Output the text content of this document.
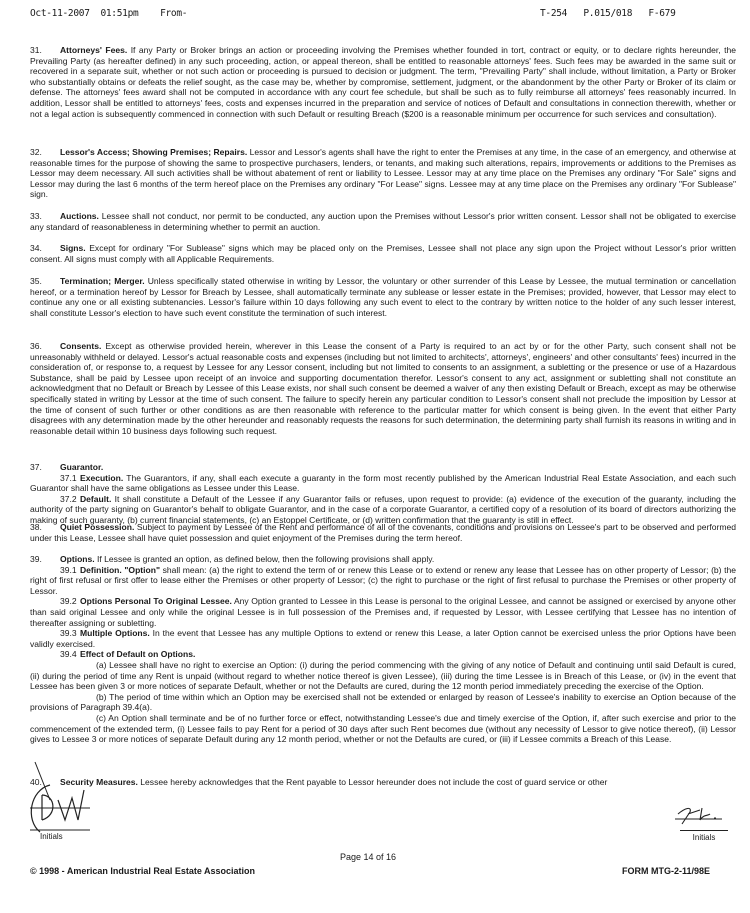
Oct-11-2007 01:51pm From-	T-254 P.015/018 F-679

31. Attorneys' Fees. If any Party or Broker brings an action or proceeding involving the Premises whether founded in tort, contract or equity, or to declare rights hereunder, the Prevailing Party (as hereafter defined) in any such proceeding, action, or appeal thereon, shall be entitled to reasonable attorneys' fees. Such fees may be awarded in the same suit or recovered in a separate suit, whether or not such action or proceeding is pursued to decision or judgment. The term, "Prevailing Party" shall include, without limitation, a Party or Broker who substantially obtains or defeats the relief sought, as the case may be, whether by compromise, settlement, judgment, or the abandonment by the other Party or Broker of its claim or defense. The attorneys' fees award shall not be computed in accordance with any court fee schedule, but shall be such as to fully reimburse all attorneys' fees reasonably incurred. In addition, Lessor shall be entitled to attorneys' fees, costs and expenses incurred in the preparation and service of notices of Default and consultations in connection therewith, whether or not a legal action is subsequently commenced in connection with such Default or resulting Breach ($200 is a reasonable minimum per occurrence for such services and consultation).

32. Lessor's Access; Showing Premises; Repairs. Lessor and Lessor's agents shall have the right to enter the Premises at any time, in the case of an emergency, and otherwise at reasonable times for the purpose of showing the same to prospective purchasers, lenders, or tenants, and making such alterations, repairs, improvements or additions to the Premises as Lessor may deem necessary. All such activities shall be without abatement of rent or liability to Lessee. Lessor may at any time place on the Premises any ordinary "For Sale" signs and Lessor may during the last 6 months of the term hereof place on the Premises any ordinary "For Lease" signs. Lessee may at any time place on the Premises any ordinary "For Sublease" sign.

33. Auctions. Lessee shall not conduct, nor permit to be conducted, any auction upon the Premises without Lessor's prior written consent. Lessor shall not be obligated to exercise any standard of reasonableness in determining whether to permit an auction.

34. Signs. Except for ordinary "For Sublease" signs which may be placed only on the Premises, Lessee shall not place any sign upon the Project without Lessor's prior written consent. All signs must comply with all Applicable Requirements.

35. Termination; Merger. Unless specifically stated otherwise in writing by Lessor, the voluntary or other surrender of this Lease by Lessee, the mutual termination or cancellation hereof, or a termination hereof by Lessor for Breach by Lessee, shall automatically terminate any sublease or lesser estate in the Premises; provided, however, that Lessor may elect to continue any one or all existing subtenancies. Lessor's failure within 10 days following any such event to elect to the contrary by written notice to the holder of any such lesser interest, shall constitute Lessor's election to have such event constitute the termination of such interest.

36. Consents. Except as otherwise provided herein, wherever in this Lease the consent of a Party is required to an act by or for the other Party, such consent shall not be unreasonably withheld or delayed. Lessor's actual reasonable costs and expenses (including but not limited to architects', attorneys', engineers' and other consultants' fees) incurred in the consideration of, or response to, a request by Lessee for any Lessor consent, including but not limited to consents to an assignment, a subletting or the presence or use of a Hazardous Substance, shall be paid by Lessee upon receipt of an invoice and supporting documentation therefor. Lessor's consent to any act, assignment or subletting shall not constitute an acknowledgment that no Default or Breach by Lessee of this Lease exists, nor shall such consent be deemed a waiver of any then existing Default or Breach, except as may be otherwise specifically stated in writing by Lessor at the time of such consent. The failure to specify herein any particular condition to Lessor's consent shall not preclude the imposition by Lessor at the time of consent of such further or other conditions as are then reasonable with reference to the particular matter for which consent is being given. In the event that either Party disagrees with any determination made by the other hereunder and reasonably requests the reasons for such determination, the determining party shall furnish its reasons in writing and in reasonable detail within 10 business days following such request.

37. Guarantor.

37.1 Execution. The Guarantors, if any, shall each execute a guaranty in the form most recently published by the American Industrial Real Estate Association, and each such Guarantor shall have the same obligations as Lessee under this Lease.

37.2 Default. It shall constitute a Default of the Lessee if any Guarantor fails or refuses, upon request to provide: (a) evidence of the execution of the guaranty, including the authority of the party signing on Guarantor's behalf to obligate Guarantor, and in the case of a corporate Guarantor, a certified copy of a resolution of its board of directors authorizing the making of such guaranty, (b) current financial statements, (c) an Estoppel Certificate, or (d) written confirmation that the guaranty is still in effect.

38. Quiet Possession. Subject to payment by Lessee of the Rent and performance of all of the covenants, conditions and provisions on Lessee's part to be observed and performed under this Lease, Lessee shall have quiet possession and quiet enjoyment of the Premises during the term hereof.

39. Options. If Lessee is granted an option, as defined below, then the following provisions shall apply.

39.1 Definition. "Option" shall mean: (a) the right to extend the term of or renew this Lease or to extend or renew any lease that Lessee has on other property of Lessor; (b) the right of first refusal or first offer to lease either the Premises or other property of Lessor; (c) the right to purchase or the right of first refusal to purchase the Premises or other property of Lessor.

39.2 Options Personal To Original Lessee. Any Option granted to Lessee in this Lease is personal to the original Lessee, and cannot be assigned or exercised by anyone other than said original Lessee and only while the original Lessee is in full possession of the Premises and, if requested by Lessor, with Lessee certifying that Lessee has no intention of thereafter assigning or subletting.

39.3 Multiple Options. In the event that Lessee has any multiple Options to extend or renew this Lease, a later Option cannot be exercised unless the prior Options have been validly exercised.

39.4 Effect of Default on Options.

(a) Lessee shall have no right to exercise an Option: (i) during the period commencing with the giving of any notice of Default and continuing until said Default is cured, (ii) during the period of time any Rent is unpaid (without regard to whether notice thereof is given Lessee), (iii) during the time Lessee is in Breach of this Lease, or (iv) in the event that Lessee has been given 3 or more notices of separate Default, whether or not the Defaults are cured, during the 12 month period immediately preceding the exercise of the Option.

(b) The period of time within which an Option may be exercised shall not be extended or enlarged by reason of Lessee's inability to exercise an Option because of the provisions of Paragraph 39.4(a).

(c) An Option shall terminate and be of no further force or effect, notwithstanding Lessee's due and timely exercise of the Option, if, after such exercise and prior to the commencement of the extended term, (i) Lessee fails to pay Rent for a period of 30 days after such Rent becomes due (without any necessity of Lessor to give notice thereof), (ii) Lessor gives to Lessee 3 or more notices of separate Default during any 12 month period, whether or not the Defaults are cured, or (iii) if Lessee commits a Breach of this Lease.

40. Security Measures. Lessee hereby acknowledges that the Rent payable to Lessor hereunder does not include the cost of guard service or other

Initials	Initials
Page 14 of 16
© 1998 - American Industrial Real Estate Association	FORM MTG-2-11/98E
